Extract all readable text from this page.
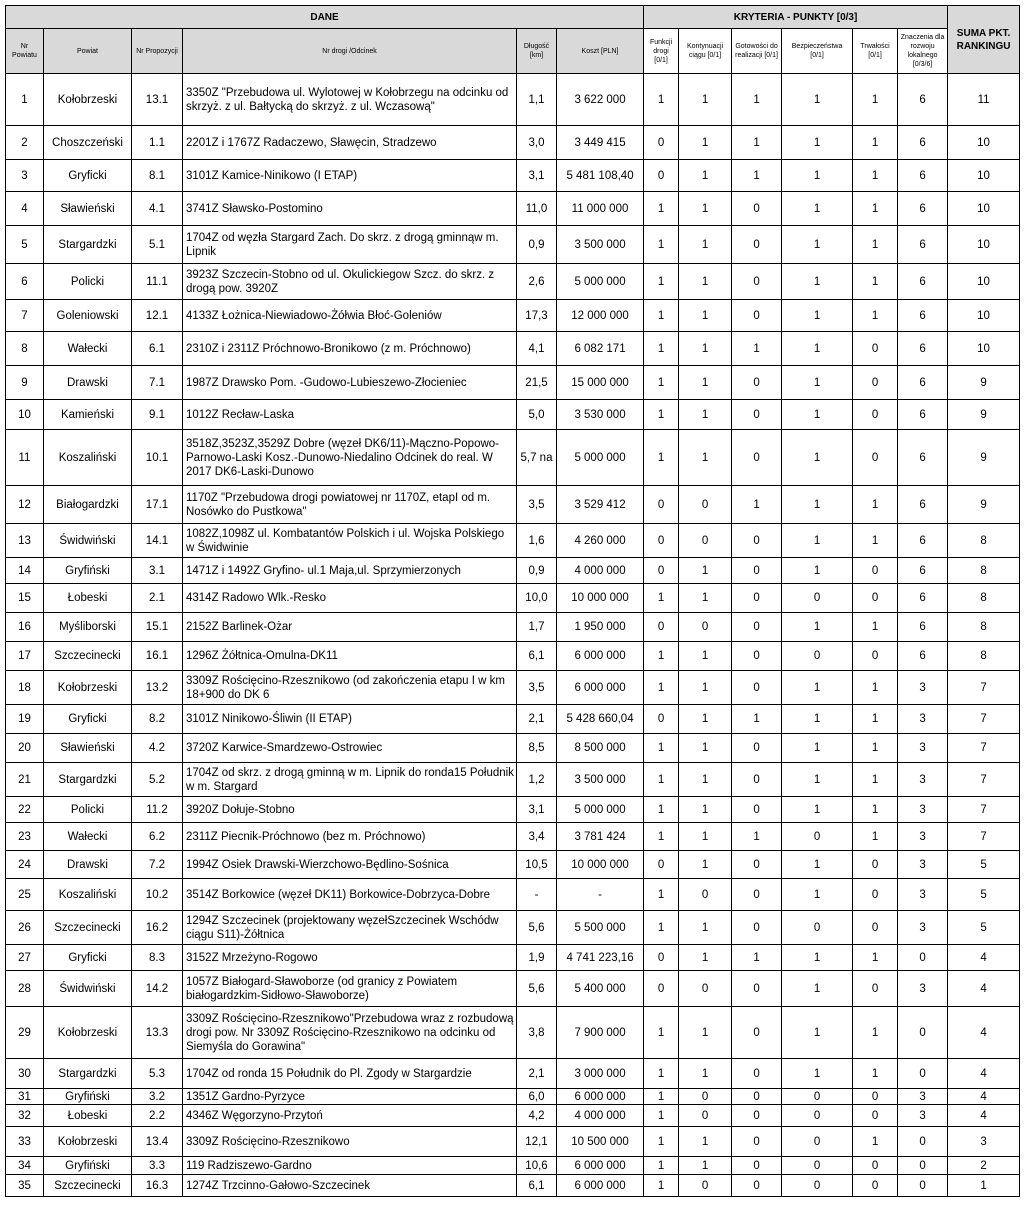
DANE						KRYTERIA - PUNKTY [0/3]						SUMA PKT. RANKINGU
Nr Powiatu	Powiat	Nr Propozycji	Nr drogi /Odcinek	Długość [km]	Koszt [PLN]	Funkcji drogi [0/1]	Kontynuacji ciągu [0/1]	Gotowości do realizacji [0/1]	Bezpieczeństwa [0/1]	Trwałości [0/1]	Znaczenia dla rozwoju lokalnego [0/3/6]	
1	Kołobrzeski	13.1	3350Z "Przebudowa ul. Wylotowej w Kołobrzegu na odcinku od skrzyż. z ul. Bałtycką do skrzyż. z ul. Wczasową"	1,1	3 622 000	1	1	1	1	1	6	11
2	Choszczeński	1.1	2201Z i 1767Z Radaczewo, Sławęcin, Stradzewo	3,0	3 449 415	0	1	1	1	1	6	10
3	Gryficki	8.1	3101Z Kamice-Ninikowo (I ETAP)	3,1	5 481 108,40	0	1	1	1	1	6	10
4	Sławieński	4.1	3741Z Sławsko-Postomino	11,0	11 000 000	1	1	0	1	1	6	10
5	Stargardzki	5.1	1704Z od węzła Stargard Zach. Do skrz. z drogą gminnąw m. Lipnik	0,9	3 500 000	1	1	0	1	1	6	10
6	Policki	11.1	3923Z Szczecin-Stobno od ul. Okulickiegow Szcz. do skrz. z drogą pow. 3920Z	2,6	5 000 000	1	1	0	1	1	6	10
7	Goleniowski	12.1	4133Z Łożnica-Niewiadowo-Żółwia Błoć-Goleniów	17,3	12 000 000	1	1	0	1	1	6	10
8	Wałecki	6.1	2310Z i 2311Z Próchnowo-Bronikowo (z m. Próchnowo)	4,1	6 082 171	1	1	1	1	0	6	10
9	Drawski	7.1	1987Z Drawsko Pom. -Gudowo-Lubieszewo-Złocieniec	21,5	15 000 000	1	1	0	1	0	6	9
10	Kamieński	9.1	1012Z Recław-Laska	5,0	3 530 000	1	1	0	1	0	6	9
11	Koszaliński	10.1	3518Z,3523Z,3529Z Dobre (węzeł DK6/11)-Mączno-Popowo-Parnowo-Laski Kosz.-Dunowo-Niedalino Odcinek do real. W 2017 DK6-Laski-Dunowo	5,7 na	5 000 000	1	1	0	1	0	6	9
12	Białogardzki	17.1	1170Z "Przebudowa drogi powiatowej nr 1170Z, etapI od m. Nosówko do Pustkowa"	3,5	3 529 412	0	0	1	1	1	6	9
13	Świdwiński	14.1	1082Z,1098Z ul. Kombatantów Polskich i ul. Wojska Polskiego w Świdwinie	1,6	4 260 000	0	0	0	1	1	6	8
14	Gryfiński	3.1	1471Z i 1492Z Gryfino- ul.1 Maja,ul. Sprzymierzonych	0,9	4 000 000	0	1	0	1	0	6	8
15	Łobeski	2.1	4314Z Radowo Wlk.-Resko	10,0	10 000 000	1	1	0	0	0	6	8
16	Myśliborski	15.1	2152Z Barlinek-Ożar	1,7	1 950 000	0	0	0	1	1	6	8
17	Szczecinecki	16.1	1296Z Żółtnica-Omulna-DK11	6,1	6 000 000	1	1	0	0	0	6	8
18	Kołobrzeski	13.2	3309Z Rościęcino-Rzesznikowo (od zakończenia etapu I w km 18+900 do DK 6	3,5	6 000 000	1	1	0	1	1	3	7
19	Gryficki	8.2	3101Z Ninikowo-Śliwin (II ETAP)	2,1	5 428 660,04	0	1	1	1	1	3	7
20	Sławieński	4.2	3720Z Karwice-Smardzewo-Ostrowiec	8,5	8 500 000	1	1	0	1	1	3	7
21	Stargardzki	5.2	1704Z od skrz. z drogą gminną w m. Lipnik do ronda15 Południk w m. Stargard	1,2	3 500 000	1	1	0	1	1	3	7
22	Policki	11.2	3920Z Dołuje-Stobno	3,1	5 000 000	1	1	0	1	1	3	7
23	Wałecki	6.2	2311Z Piecnik-Próchnowo (bez m. Próchnowo)	3,4	3 781 424	1	1	1	0	1	3	7
24	Drawski	7.2	1994Z Osiek Drawski-Wierzchowo-Będlino-Sośnica	10,5	10 000 000	0	1	0	1	0	3	5
25	Koszaliński	10.2	3514Z Borkowice (węzeł DK11) Borkowice-Dobrzyca-Dobre	-	-	1	0	0	1	0	3	5
26	Szczecinecki	16.2	1294Z Szczecinek (projektowany węzełSzczecinek Wschódw ciągu S11)-Żółtnica	5,6	5 500 000	1	1	0	0	0	3	5
27	Gryficki	8.3	3152Z Mrzeżyno-Rogowo	1,9	4 741 223,16	0	1	1	1	1	0	4
28	Świdwiński	14.2	1057Z Białogard-Sławoborze (od granicy z Powiatem białogardzkim-Sidłowo-Sławoborze)	5,6	5 400 000	0	0	0	1	0	3	4
29	Kołobrzeski	13.3	3309Z Rościęcino-Rzesznikowo"Przebudowa wraz z rozbudową drogi pow. Nr 3309Z Rościęcino-Rzesznikowo na odcinku od Siemyśla do Gorawina"	3,8	7 900 000	1	1	0	1	1	0	4
30	Stargardzki	5.3	1704Z od ronda 15 Południk do Pl. Zgody w Stargardzie	2,1	3 000 000	1	1	0	1	1	0	4
31	Gryfiński	3.2	1351Z Gardno-Pyrzyce	6,0	6 000 000	1	0	0	0	0	3	4
32	Łobeski	2.2	4346Z Węgorzyno-Przytoń	4,2	4 000 000	1	0	0	0	0	3	4
33	Kołobrzeski	13.4	3309Z Rościęcino-Rzesznikowo	12,1	10 500 000	1	1	0	0	1	0	3
34	Gryfiński	3.3	119 Radziszewo-Gardno	10,6	6 000 000	1	1	0	0	0	0	2
35	Szczecinecki	16.3	1274Z Trzcinno-Gałowo-Szczecinek	6,1	6 000 000	1	0	0	0	0	0	1
